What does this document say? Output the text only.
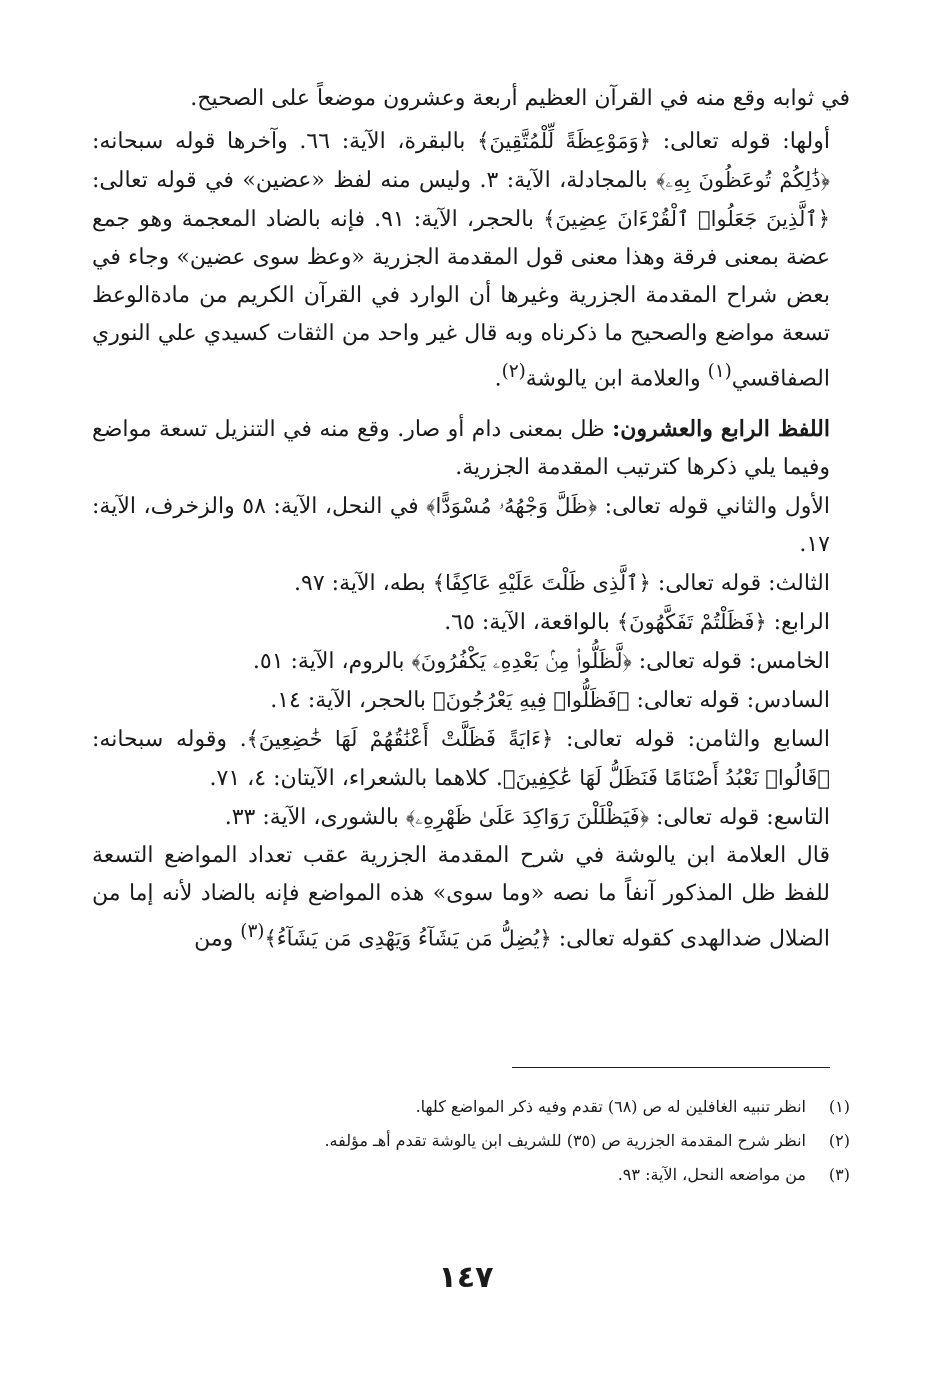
في ثوابه وقع منه في القرآن العظيم أربعة وعشرون موضعاً على الصحيح.

أولها: قوله تعالى: ﴿وَمَوْعِظَةً لِّلْمُتَّقِينَ﴾ بالبقرة، الآية: ٦٦. وآخرها قوله سبحانه: ﴿ذَٰلِكُمْ تُوعَظُونَ بِهِۦ﴾ بالمجادلة، الآية: ٣. وليس منه لفظ «عضين» في قوله تعالى: ﴿ٱلَّذِينَ جَعَلُوا۟ ٱلْقُرْءَانَ عِضِينَ﴾ بالحجر، الآية: ٩١. فإنه بالضاد المعجمة وهو جمع عضة بمعنى فرقة وهذا معنى قول المقدمة الجزرية «وعظ سوى عضين» وجاء في بعض شراح المقدمة الجزرية وغيرها أن الوارد في القرآن الكريم من مادةالوعظ تسعة مواضع والصحيح ما ذكرناه وبه قال غير واحد من الثقات كسيدي علي النوري الصفاقسي$^{(١)}$ والعلامة ابن يالوشة$^{(٢)}$.

اللفظ الرابع والعشرون: ظل بمعنى دام أو صار. وقع منه في التنزيل تسعة مواضع وفيما يلي ذكرها كترتيب المقدمة الجزرية.

الأول والثاني قوله تعالى: ﴿ظَلَّ وَجْهُهُۥ مُسْوَدًّا﴾ في النحل، الآية: ٥٨ والزخرف، الآية: ١٧.

الثالث: قوله تعالى: ﴿ٱلَّذِى ظَلْتَ عَلَيْهِ عَاكِفًا﴾ بطه، الآية: ٩٧.

الرابع: ﴿فَظَلْتُمْ تَفَكَّهُونَ﴾ بالواقعة، الآية: ٦٥.

الخامس: قوله تعالى: ﴿لَّظَلُّوا۟ مِنۢ بَعْدِهِۦ يَكْفُرُونَ﴾ بالروم، الآية: ٥١.

السادس: قوله تعالى: ﴿فَظَلُّوا۟ فِيهِ يَعْرُجُونَ﴾ بالحجر، الآية: ١٤.

السابع والثامن: قوله تعالى: ﴿ءَايَةً فَظَلَّتْ أَعْنَٰقُهُمْ لَهَا خَٰضِعِينَ﴾. وقوله سبحانه: ﴿قَالُوا۟ نَعْبُدُ أَصْنَامًا فَنَظَلُّ لَهَا عَٰكِفِينَ﴾. كلاهما بالشعراء، الآيتان: ٤، ٧١.

التاسع: قوله تعالى: ﴿فَيَظْلَلْنَ رَوَاكِدَ عَلَىٰ ظَهْرِهِۦ﴾ بالشورى، الآية: ٣٣.

قال العلامة ابن يالوشة في شرح المقدمة الجزرية عقب تعداد المواضع التسعة للفظ ظل المذكور آنفاً ما نصه «وما سوى» هذه المواضع فإنه بالضاد لأنه إما من الضلال ضدالهدى كقوله تعالى: ﴿يُضِلُّ مَن يَشَآءُ وَيَهْدِى مَن يَشَآءُ﴾$^{(٣)}$ ومن

(١)
انظر تنبيه الغافلين له ص (٦٨) تقدم وفيه ذكر المواضع كلها.
(٢)
انظر شرح المقدمة الجزرية ص (٣٥) للشريف ابن يالوشة تقدم أهـ مؤلفه.
(٣)
من مواضعه النحل، الآية: ٩٣.
١٤٧
